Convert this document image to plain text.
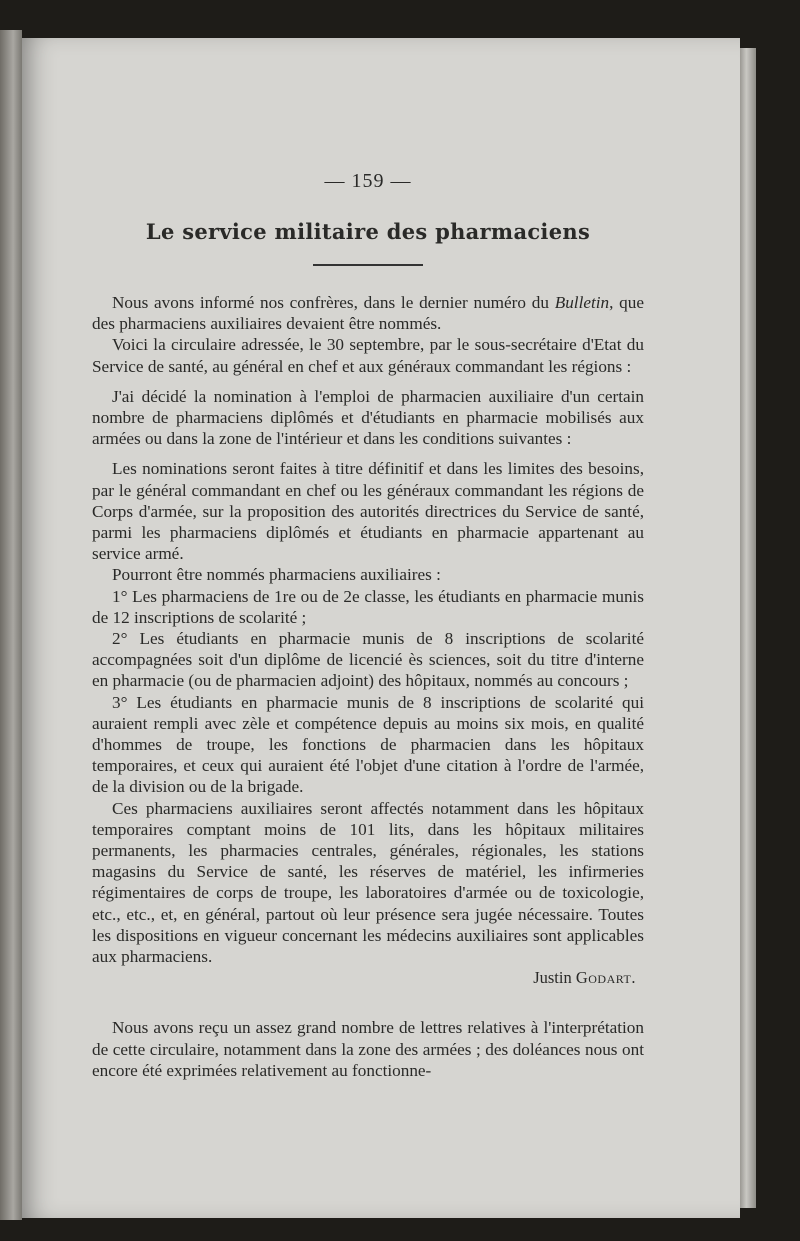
— 159 —
Le service militaire des pharmaciens

Nous avons informé nos confrères, dans le dernier numéro du Bulletin, que des pharmaciens auxiliaires devaient être nommés.

Voici la circulaire adressée, le 30 septembre, par le sous-secrétaire d'Etat du Service de santé, au général en chef et aux généraux commandant les régions :

J'ai décidé la nomination à l'emploi de pharmacien auxiliaire d'un certain nombre de pharmaciens diplômés et d'étudiants en pharmacie mobilisés aux armées ou dans la zone de l'intérieur et dans les conditions suivantes :

Les nominations seront faites à titre définitif et dans les limites des besoins, par le général commandant en chef ou les généraux commandant les régions de Corps d'armée, sur la proposition des autorités directrices du Service de santé, parmi les pharmaciens diplômés et étudiants en pharmacie appartenant au service armé.

Pourront être nommés pharmaciens auxiliaires :

1° Les pharmaciens de 1re ou de 2e classe, les étudiants en pharmacie munis de 12 inscriptions de scolarité ;

2° Les étudiants en pharmacie munis de 8 inscriptions de scolarité accompagnées soit d'un diplôme de licencié ès sciences, soit du titre d'interne en pharmacie (ou de pharmacien adjoint) des hôpitaux, nommés au concours ;

3° Les étudiants en pharmacie munis de 8 inscriptions de scolarité qui auraient rempli avec zèle et compétence depuis au moins six mois, en qualité d'hommes de troupe, les fonctions de pharmacien dans les hôpitaux temporaires, et ceux qui auraient été l'objet d'une citation à l'ordre de l'armée, de la division ou de la brigade.

Ces pharmaciens auxiliaires seront affectés notamment dans les hôpitaux temporaires comptant moins de 101 lits, dans les hôpitaux militaires permanents, les pharmacies centrales, générales, régionales, les stations magasins du Service de santé, les réserves de matériel, les infirmeries régimentaires de corps de troupe, les laboratoires d'armée ou de toxicologie, etc., etc., et, en général, partout où leur présence sera jugée nécessaire. Toutes les dispositions en vigueur concernant les médecins auxiliaires sont applicables aux pharmaciens.

Justin Godart.

Nous avons reçu un assez grand nombre de lettres relatives à l'interprétation de cette circulaire, notamment dans la zone des armées ; des doléances nous ont encore été exprimées relativement au fonctionne-
